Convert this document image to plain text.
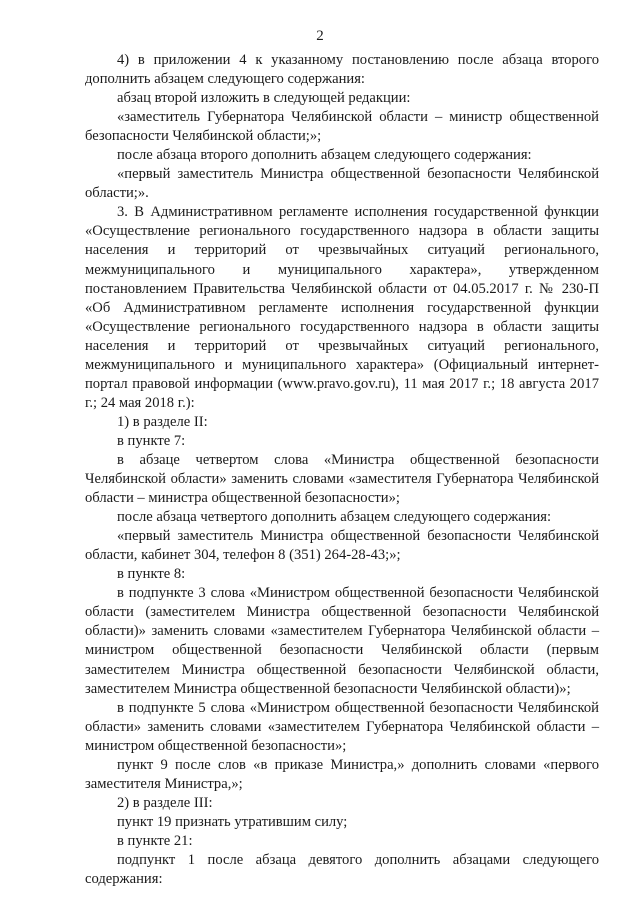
2

4) в приложении 4 к указанному постановлению после абзаца второго дополнить абзацем следующего содержания:

абзац второй изложить в следующей редакции:

«заместитель Губернатора Челябинской области – министр общественной безопасности Челябинской области;»;

после абзаца второго дополнить абзацем следующего содержания:

«первый заместитель Министра общественной безопасности Челябинской области;».

3. В Административном регламенте исполнения государственной функции «Осуществление регионального государственного надзора в области защиты населения и территорий от чрезвычайных ситуаций регионального, межмуниципального и муниципального характера», утвержденном постановлением Правительства Челябинской области от 04.05.2017 г. № 230-П «Об Административном регламенте исполнения государственной функции «Осуществление регионального государственного надзора в области защиты населения и территорий от чрезвычайных ситуаций регионального, межмуниципального и муниципального характера» (Официальный интернет-портал правовой информации (www.pravo.gov.ru), 11 мая 2017 г.; 18 августа 2017 г.; 24 мая 2018 г.):

1) в разделе II:

в пункте 7:

в абзаце четвертом слова «Министра общественной безопасности Челябинской области» заменить словами «заместителя Губернатора Челябинской области – министра общественной безопасности»;

после абзаца четвертого дополнить абзацем следующего содержания:

«первый заместитель Министра общественной безопасности Челябинской области, кабинет 304, телефон 8 (351) 264-28-43;»;

в пункте 8:

в подпункте 3 слова «Министром общественной безопасности Челябинской области (заместителем Министра общественной безопасности Челябинской области)» заменить словами «заместителем Губернатора Челябинской области – министром общественной безопасности Челябинской области (первым заместителем Министра общественной безопасности Челябинской области, заместителем Министра общественной безопасности Челябинской области)»;

в подпункте 5 слова «Министром общественной безопасности Челябинской области» заменить словами «заместителем Губернатора Челябинской области – министром общественной безопасности»;

пункт 9 после слов «в приказе Министра,» дополнить словами «первого заместителя Министра,»;

2) в разделе III:

пункт 19 признать утратившим силу;

в пункте 21:

подпункт 1 после абзаца девятого дополнить абзацами следующего содержания:
